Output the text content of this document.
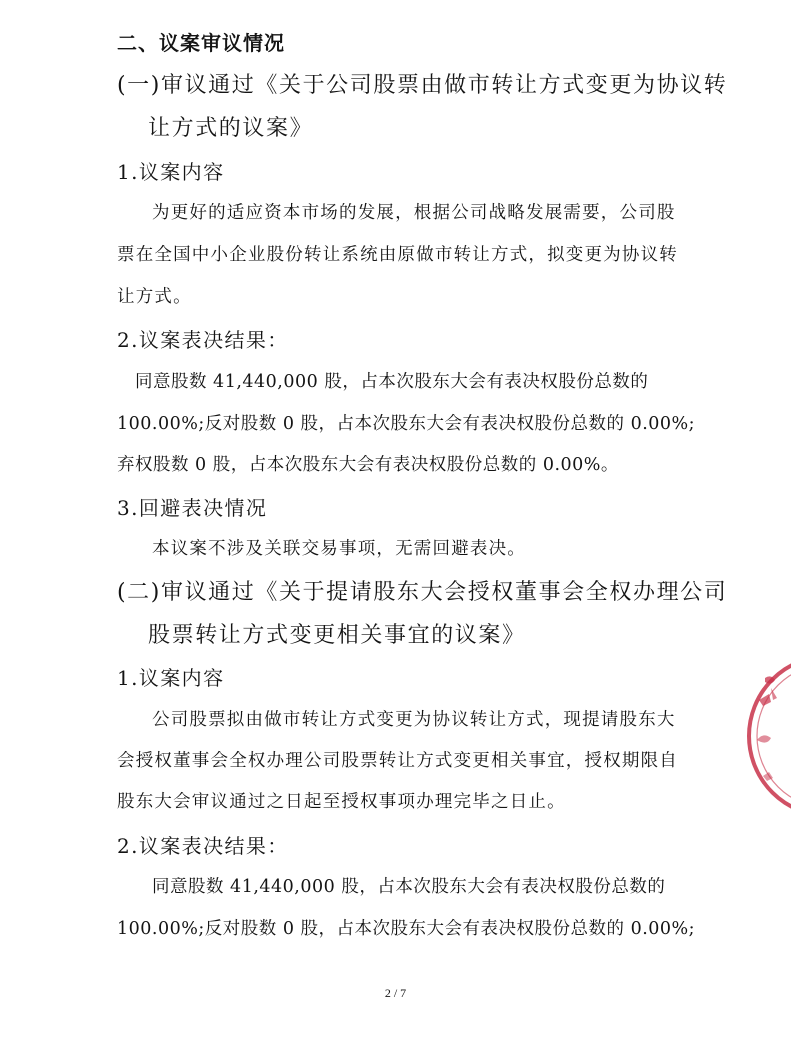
二、议案审议情况
(一)审议通过《关于公司股票由做市转让方式变更为协议转
让方式的议案》
1.议案内容
为更好的适应资本市场的发展，根据公司战略发展需要，公司股
票在全国中小企业股份转让系统由原做市转让方式，拟变更为协议转
让方式。
2.议案表决结果：
同意股数 41,440,000 股，占本次股东大会有表决权股份总数的
100.00%;反对股数 0 股，占本次股东大会有表决权股份总数的 0.00%;
弃权股数 0 股，占本次股东大会有表决权股份总数的 0.00%。
3.回避表决情况
本议案不涉及关联交易事项，无需回避表决。
(二)审议通过《关于提请股东大会授权董事会全权办理公司
股票转让方式变更相关事宜的议案》
1.议案内容
公司股票拟由做市转让方式变更为协议转让方式，现提请股东大
会授权董事会全权办理公司股票转让方式变更相关事宜，授权期限自
股东大会审议通过之日起至授权事项办理完毕之日止。
2.议案表决结果：
同意股数 41,440,000 股，占本次股东大会有表决权股份总数的
100.00%;反对股数 0 股，占本次股东大会有表决权股份总数的 0.00%;
2 / 7
